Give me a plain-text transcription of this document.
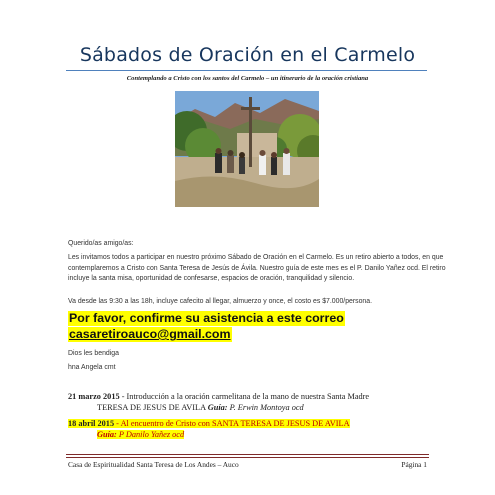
Sábados de Oración en el Carmelo
Contemplando a Cristo con los santos del Carmelo – un itinerario de la oración cristiana
Querido/as amigo/as:
Les invitamos todos a participar en nuestro próximo Sábado de Oración en el Carmelo. Es un retiro abierto a todos, en que contemplaremos a Cristo con Santa Teresa de Jesús de Ávila. Nuestro guía de este mes es el P. Danilo Yañez ocd. El retiro incluye la santa misa, oportunidad de confesarse, espacios de oración, tranquilidad y silencio.
Va desde las 9:30 a las 18h, incluye cafecito al llegar, almuerzo y once, el costo es $7.000/persona.
Por favor, confirme su asistencia a este correo
casaretiroauco@gmail.com
Dios les bendiga
hna Angela cmt
21 marzo 2015 - Introducción a la oración carmelitana de la mano de nuestra Santa Madre
TERESA DE JESUS DE AVILA Guía: P. Erwin Montoya ocd
18 abril 2015 - Al encuentro de Cristo con SANTA TERESA DE JESUS DE AVILA
Guía: P Danilo Yañez ocd
Casa de Espiritualidad Santa Teresa de Los Andes – Auco	Página 1
